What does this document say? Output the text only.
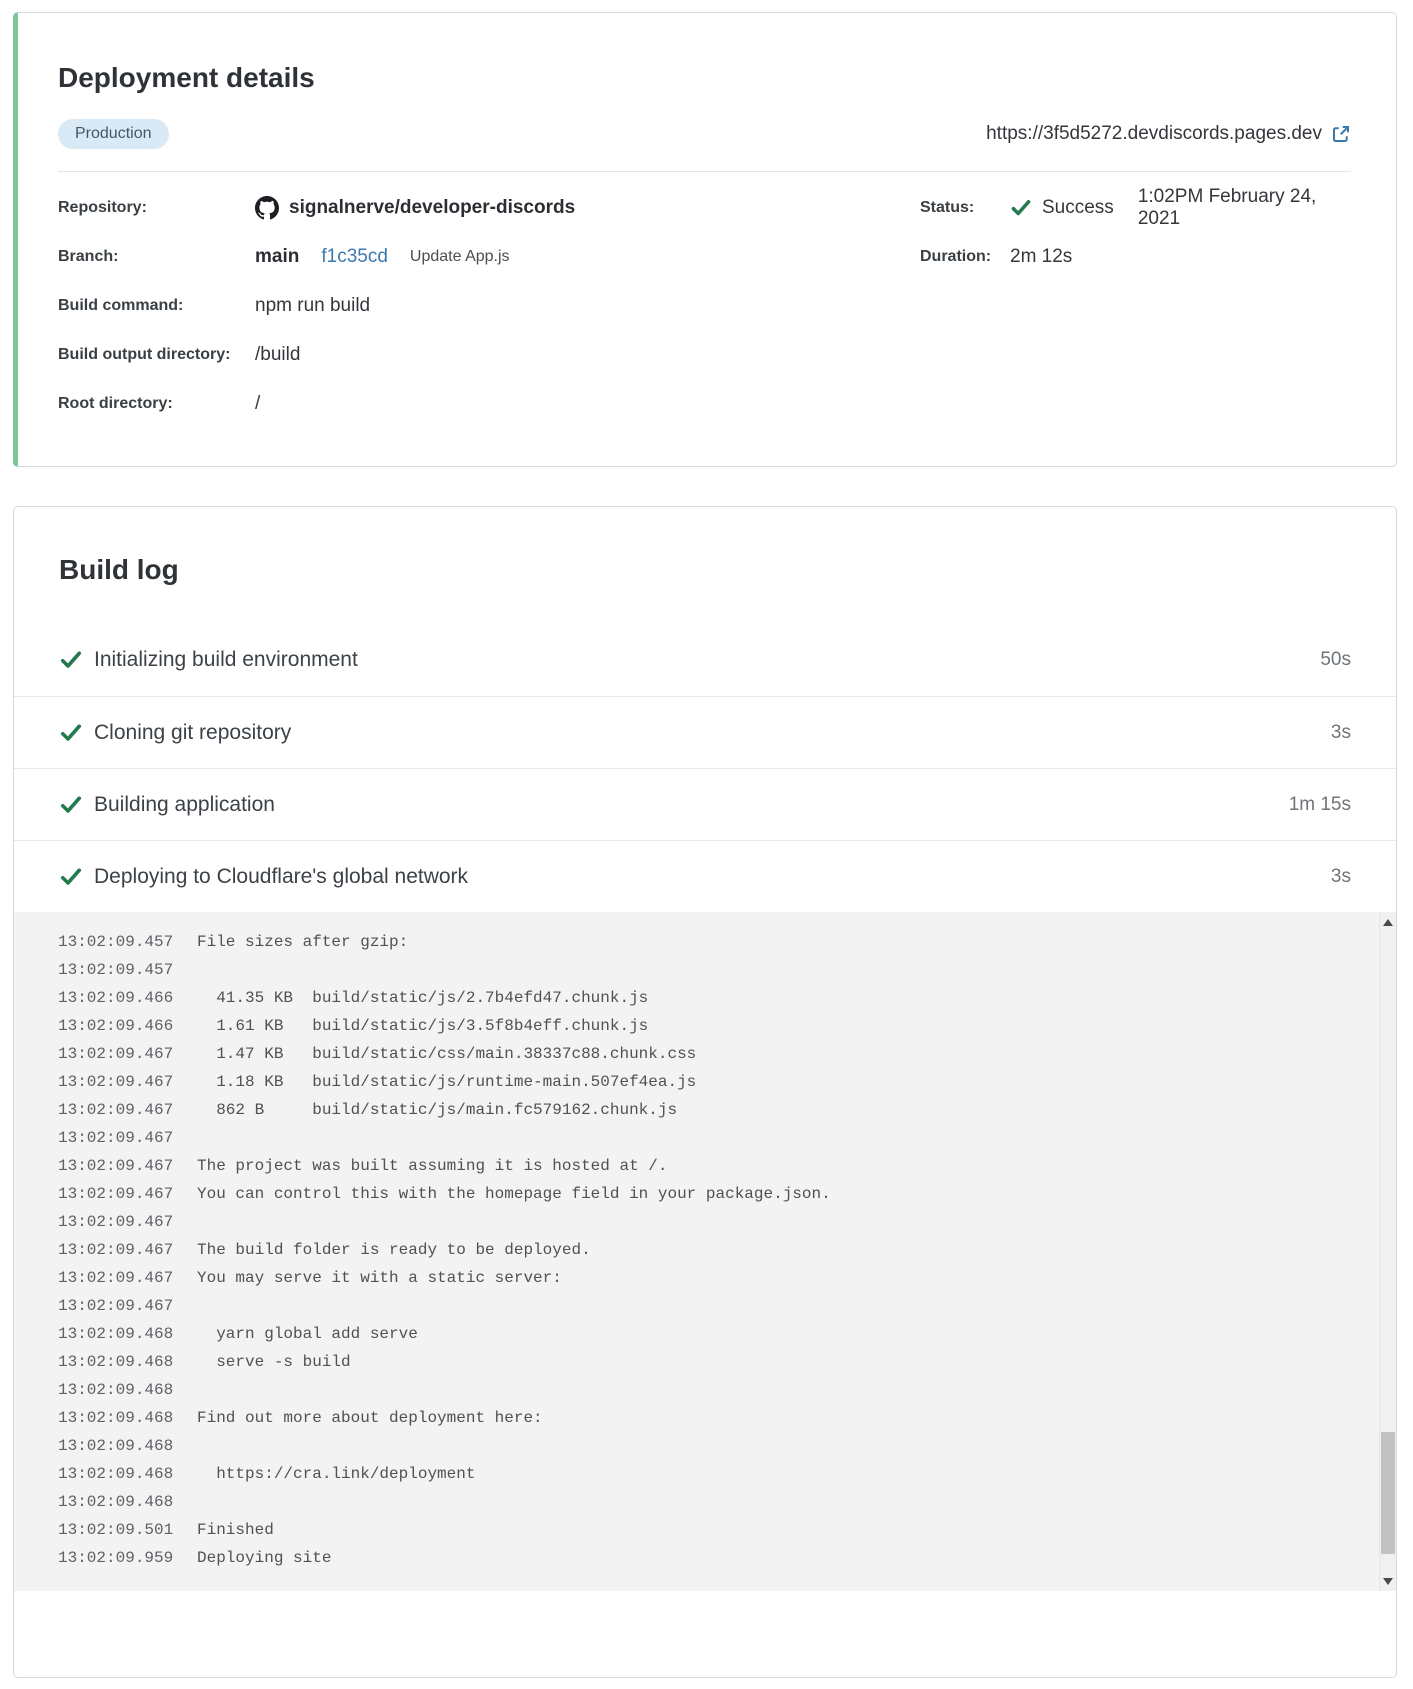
Deployment details
Production	https://3f5d5272.devdiscords.pages.dev
Repository:	signalnerve/developer-discords
Branch:	main f1c35cd Update App.js
Build command:	npm run build
Build output directory:	/build
Root directory:	/
Status:	Success
1:02PM February 24, 2021
Duration: 2m 12s
Build log
Initializing build environment	50s
Cloning git repository	3s
Building application	1m 15s
Deploying to Cloudflare's global network	3s
13:02:09.457 File sizes after gzip:
13:02:09.457
13:02:09.466  41.35 KB  build/static/js/2.7b4efd47.chunk.js
13:02:09.466  1.61 KB   build/static/js/3.5f8b4eff.chunk.js
13:02:09.467  1.47 KB   build/static/css/main.38337c88.chunk.css
13:02:09.467  1.18 KB   build/static/js/runtime-main.507ef4ea.js
13:02:09.467  862 B     build/static/js/main.fc579162.chunk.js
13:02:09.467
13:02:09.467 The project was built assuming it is hosted at /.
13:02:09.467 You can control this with the homepage field in your package.json.
13:02:09.467
13:02:09.467 The build folder is ready to be deployed.
13:02:09.467 You may serve it with a static server:
13:02:09.467
13:02:09.468  yarn global add serve
13:02:09.468  serve -s build
13:02:09.468
13:02:09.468 Find out more about deployment here:
13:02:09.468
13:02:09.468  https://cra.link/deployment
13:02:09.468
13:02:09.501 Finished
13:02:09.959 Deploying site
